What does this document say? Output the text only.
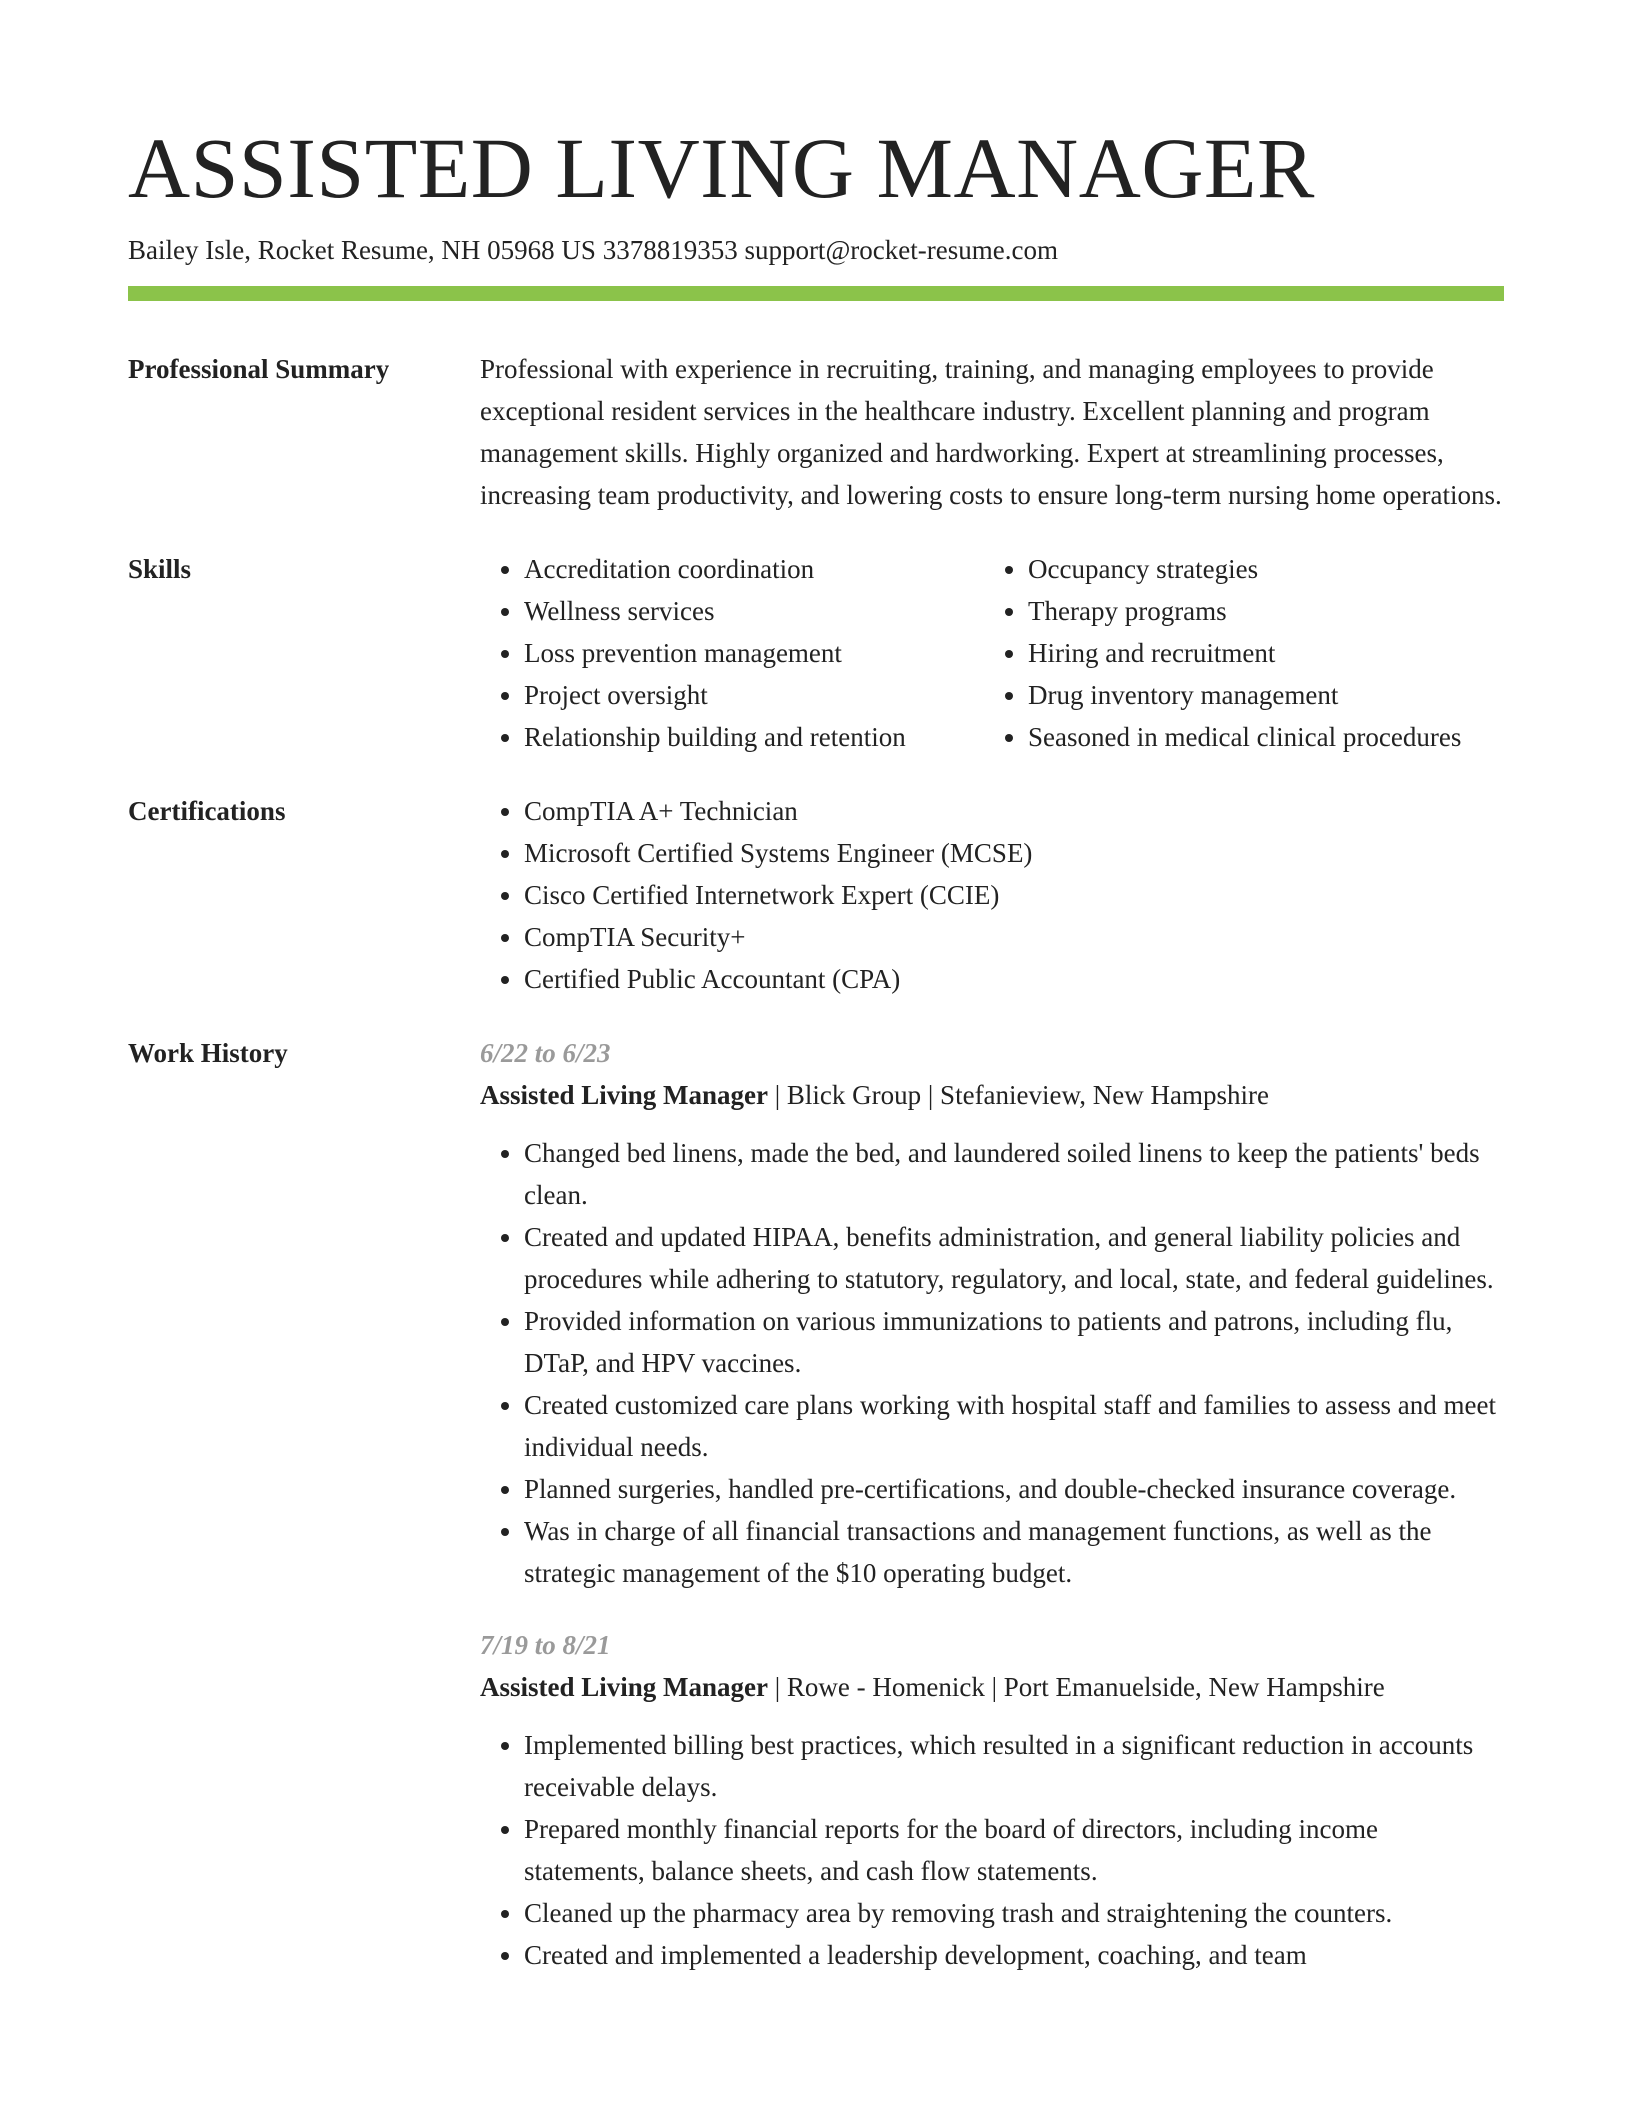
ASSISTED LIVING MANAGER
Bailey Isle, Rocket Resume, NH 05968 US 3378819353 support@rocket-resume.com
Professional Summary	Professional with experience in recruiting, training, and managing employees to provide exceptional resident services in the healthcare industry. Excellent planning and program management skills. Highly organized and hardworking. Expert at streamlining processes, increasing team productivity, and lowering costs to ensure long-term nursing home operations.

Skills	• Accreditation coordination
• Wellness services
• Loss prevention management
• Project oversight
• Relationship building and retention
• Occupancy strategies
• Therapy programs
• Hiring and recruitment
• Drug inventory management
• Seasoned in medical clinical procedures
Certifications	• CompTIA A+ Technician
• Microsoft Certified Systems Engineer (MCSE)
• Cisco Certified Internetwork Expert (CCIE)
• CompTIA Security+
• Certified Public Accountant (CPA)
Work History	6/22 to 6/23
Assisted Living Manager | Blick Group | Stefanieview, New Hampshire
• Changed bed linens, made the bed, and laundered soiled linens to keep the patients' beds clean.
• Created and updated HIPAA, benefits administration, and general liability policies and procedures while adhering to statutory, regulatory, and local, state, and federal guidelines.
• Provided information on various immunizations to patients and patrons, including flu, DTaP, and HPV vaccines.
• Created customized care plans working with hospital staff and families to assess and meet individual needs.
• Planned surgeries, handled pre-certifications, and double-checked insurance coverage.
• Was in charge of all financial transactions and management functions, as well as the strategic management of the $10 operating budget.
7/19 to 8/21
Assisted Living Manager | Rowe - Homenick | Port Emanuelside, New Hampshire
• Implemented billing best practices, which resulted in a significant reduction in accounts receivable delays.
• Prepared monthly financial reports for the board of directors, including income statements, balance sheets, and cash flow statements.
• Cleaned up the pharmacy area by removing trash and straightening the counters.
• Created and implemented a leadership development, coaching, and team
